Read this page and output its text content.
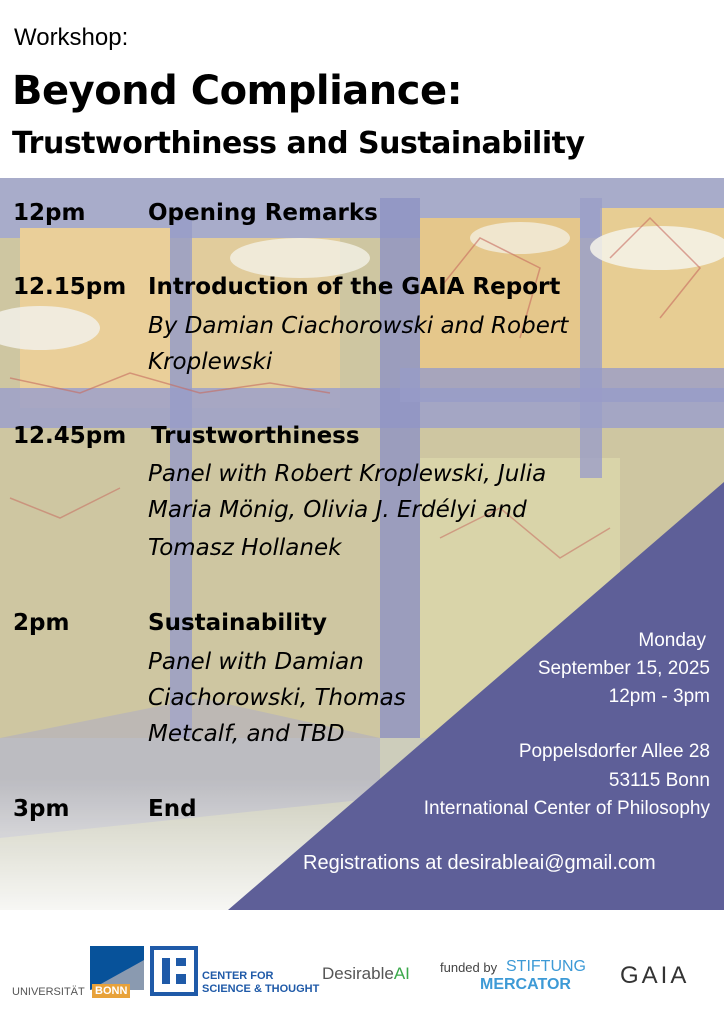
Workshop:
Beyond Compliance:
Trustworthiness and Sustainability
12pm	Opening Remarks
12.15pm Introduction of the GAIA Report
By Damian Ciachorowski and Robert
Kroplewski
12.45pm Trustworthiness
Panel with Robert Kroplewski, Julia
Maria Mönig, Olivia J. Erdélyi and
Tomasz Hollanek
2pm	Sustainability
Panel with Damian
Ciachorowski, Thomas
Metcalf, and TBD
3pm	End
Monday
September 15, 2025
12pm - 3pm
Poppelsdorfer Allee 28
53115 Bonn
International Center of Philosophy
Registrations at desirableai@gmail.com
UNIVERSITÄT BONN
CENTER FOR
SCIENCE & THOUGHT
DesirableAI funded by STIFTUNG
MERCATOR GAIA
